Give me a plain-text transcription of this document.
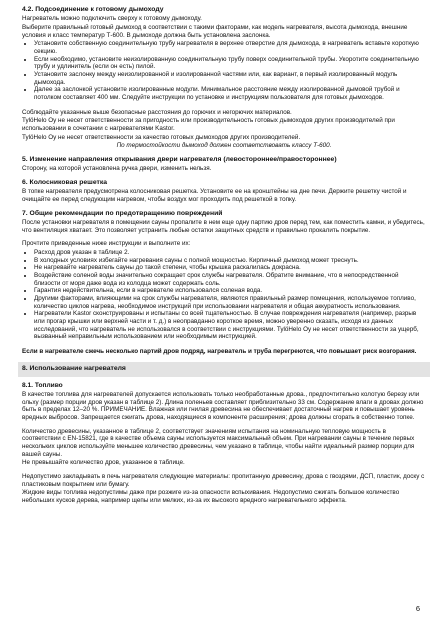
4.2. Подсоединение к готовому дымоходу

Нагреватель можно подключить сверху к готовому дымоходу.

Выберите правильный готовый дымоход в соответствии с такими факторами, как модель нагревателя, высота дымохода, внешние условия и класс температур Т-600. В дымоходе должна быть установлена заслонка.

• Установите собственную соединительную трубу нагревателя в верхнее отверстие для дымохода, в нагреватель вставьте короткую секцию.
• Если необходимо, установите неизолированную соединительную трубу поверх соединительной трубы. Укоротите соединительную трубу и удлинитель (если он есть) пилой.
• Установите заслонку между неизолированной и изолированной частями или, как вариант, в первый изолированный модуль дымохода.
• Далее за заслонкой установите изолированные модули. Минимальное расстояние между изолированной дымовой трубой и потолком составляет 400 мм. Следуйте инструкции по установке и инструкциям пользователя для готовых дымоходов.

Соблюдайте указанные выше безопасные расстояния до горючих и негорючих материалов.

TylöHelo Oy не несет ответственности за пригодность или производительность готовых дымоходов других производителей при использовании в сочетании с нагревателями Kastor.

TylöHelo Oy не несет ответственности за качество готовых дымоходов других производителей.

По термостойкости дымоход должен соответствовать классу Т-600.

5. Изменение направления открывания двери нагревателя (левостороннее/правостороннее)

Сторону, на которой установлена ручка двери, изменить нельзя.

6. Колосниковая решетка

В топке нагревателя предусмотрена колосниковая решетка. Установите ее на кронштейны на дне печи. Держите решетку чистой и очищайте ее перед следующим нагревом, чтобы воздух мог проходить под решеткой в топку.

7. Общие рекомендации по предотвращению повреждений

После установки нагревателя в помещении сауны пропалите в нем еще одну партию дров перед тем, как поместить камни, и убедитесь, что вентиляция хватает. Это позволяет устранить любые остатки защитных средств и правильно прокалить покрытие.

Прочтите приведенные ниже инструкции и выполните их:

• Расход дров указан в таблице 2.
• В холодных условиях избегайте нагревания сауны с полной мощностью. Кирпичный дымоход может треснуть.
• Не нагревайте нагреватель сауны до такой степени, чтобы крышка раскалилась докрасна.
• Воздействие соленой воды значительно сокращает срок службы нагревателя. Обратите внимание, что в непосредственной близости от моря даже вода из колодца может содержать соль.
• Гарантия недействительна, если в нагревателе использовался соленая вода.
• Другими факторами, влияющими на срок службы нагревателя, являются правильный размер помещения, используемое топливо, количество циклов нагрева, необходимое инструкций при использовании нагревателя и общая аккуратность использования.
• Нагреватели Kastor сконструированы и испытаны со всей тщательностью. В случае повреждения нагревателя (например, разрыв или прогар крышки или верхней части и т. д.) в неоправданно короткое время, можно уверенно сказать, исходя из данных исследований, что нагреватель не использовался в соответствии с инструкциями. TylöHelo Oy не несет ответственности за ущерб, вызванный неправильным использованием или необходимым инструкцией.

Если в нагревателе сжечь несколько партий дров подряд, нагреватель и труба перегреются, что повышает риск возгорания.

8. Использование нагревателя
8.1. Топливо

В качестве топлива для нагревателей допускается использовать только необработанные дрова., предпочтительно колотую березу или ольху (размер порции дров указан в таблице 2). Длина поленьев составляет приблизительно 33 см. Содержание влаги в дровах должно быть в пределах 12–20 %. ПРИМЕЧАНИЕ. Влажная или гнилая древесина не обеспечивает достаточный нагрев и повышает уровень вредных выбросов. Запрещается сжигать дрова, находящиеся в компоненте расширения; дрова должны сгорать в собственно топке.

Количество древесины, указанное в таблице 2, соответствует значениям испытания на номинальную тепловую мощность в соответствии с EN-15821, где в качестве объема сауны используется максимальный объем. При нагревании сауны в течение первых нескольких циклов используйте меньшее количество древесины, чем указано в таблице, чтобы найти идеальный размер порции для вашей сауны.

Не превышайте количество дров, указанное в таблице.

Недопустимо закладывать в печь нагревателя следующие материалы: пропитанную древесину, дрова с гвоздями, ДСП, пластик, доску с пластиковым покрытием или бумагу.

Жидкие виды топлива недопустимы даже при розжиге из-за опасности вспыхивания. Недопустимо сжигать большое количество небольших кусков дерева, например щепы или мелких, из-за их высокого вредного нагревательного эффекта.

6
